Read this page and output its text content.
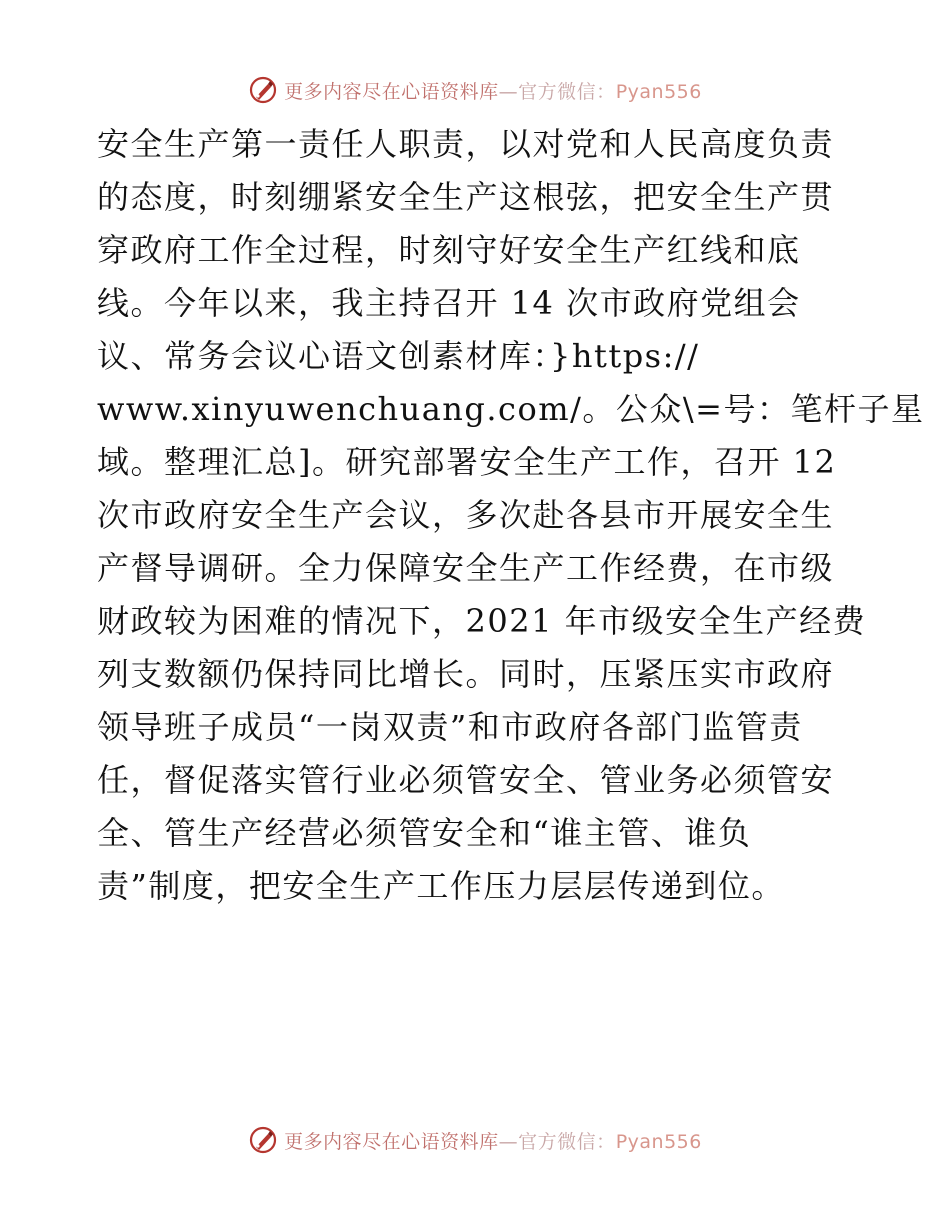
更多内容尽在心语资料库—官方微信：Pyan556
安全生产第一责任人职责，以对党和人民高度负责
的态度，时刻绷紧安全生产这根弦，把安全生产贯
穿政府工作全过程，时刻守好安全生产红线和底
线。今年以来，我主持召开 14 次市政府党组会
议、常务会议心语文创素材库：}https://
www.xinyuwenchuang.com/。公众\=号：笔杆子星
域。整理汇总]。研究部署安全生产工作，召开 12
次市政府安全生产会议，多次赴各县市开展安全生
产督导调研。全力保障安全生产工作经费，在市级
财政较为困难的情况下，2021 年市级安全生产经费
列支数额仍保持同比增长。同时，压紧压实市政府
领导班子成员“一岗双责”和市政府各部门监管责
任，督促落实管行业必须管安全、管业务必须管安
全、管生产经营必须管安全和“谁主管、谁负
责”制度，把安全生产工作压力层层传递到位。
更多内容尽在心语资料库—官方微信：Pyan556
